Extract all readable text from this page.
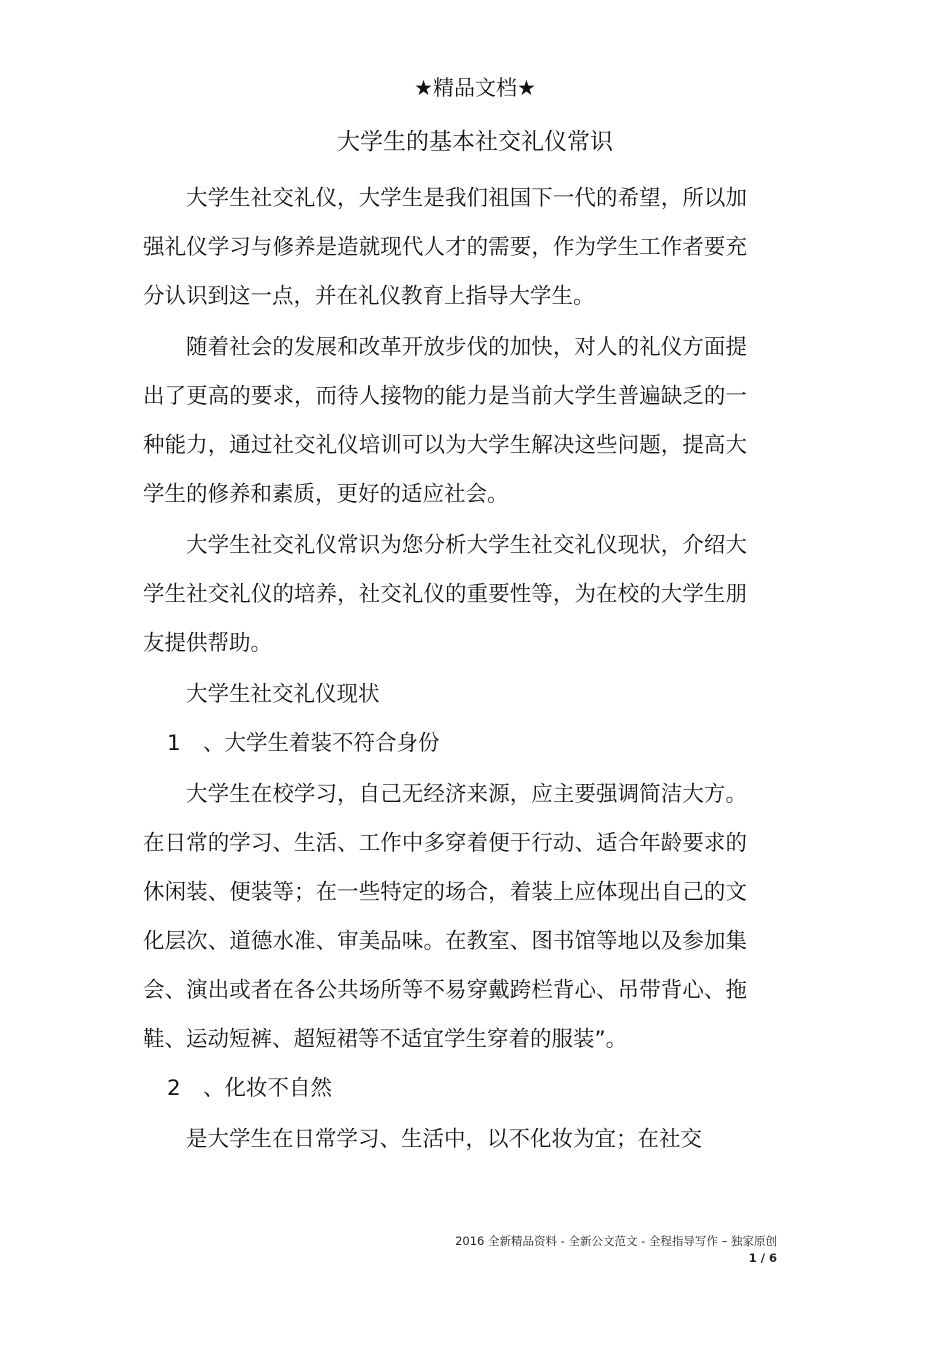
★精品文档★
大学生的基本社交礼仪常识

大学生社交礼仪，大学生是我们祖国下一代的希望，所以加强礼仪学习与修养是造就现代人才的需要，作为学生工作者要充分认识到这一点，并在礼仪教育上指导大学生。

随着社会的发展和改革开放步伐的加快，对人的礼仪方面提出了更高的要求，而待人接物的能力是当前大学生普遍缺乏的一种能力，通过社交礼仪培训可以为大学生解决这些问题，提高大学生的修养和素质，更好的适应社会。

大学生社交礼仪常识为您分析大学生社交礼仪现状，介绍大学生社交礼仪的培养，社交礼仪的重要性等，为在校的大学生朋友提供帮助。

大学生社交礼仪现状

1 、大学生着装不符合身份

大学生在校学习，自己无经济来源，应主要强调简洁大方。 在日常的学习、生活、工作中多穿着便于行动、适合年龄要求的休闲装、便装等；在一些特定的场合，着装上应体现出自己的文化层次、道德水准、审美品味。在教室、图书馆等地以及参加集会、演出或者在各公共场所等不易穿戴跨栏背心、吊带背心、拖鞋、运动短裤、超短裙等不适宜学生穿着的服装”。

2 、化妆不自然

是大学生在日常学习、生活中，以不化妆为宜；在社交

2016 全新精品资料 - 全新公文范文 - 全程指导写作 – 独家原创
1 / 6
